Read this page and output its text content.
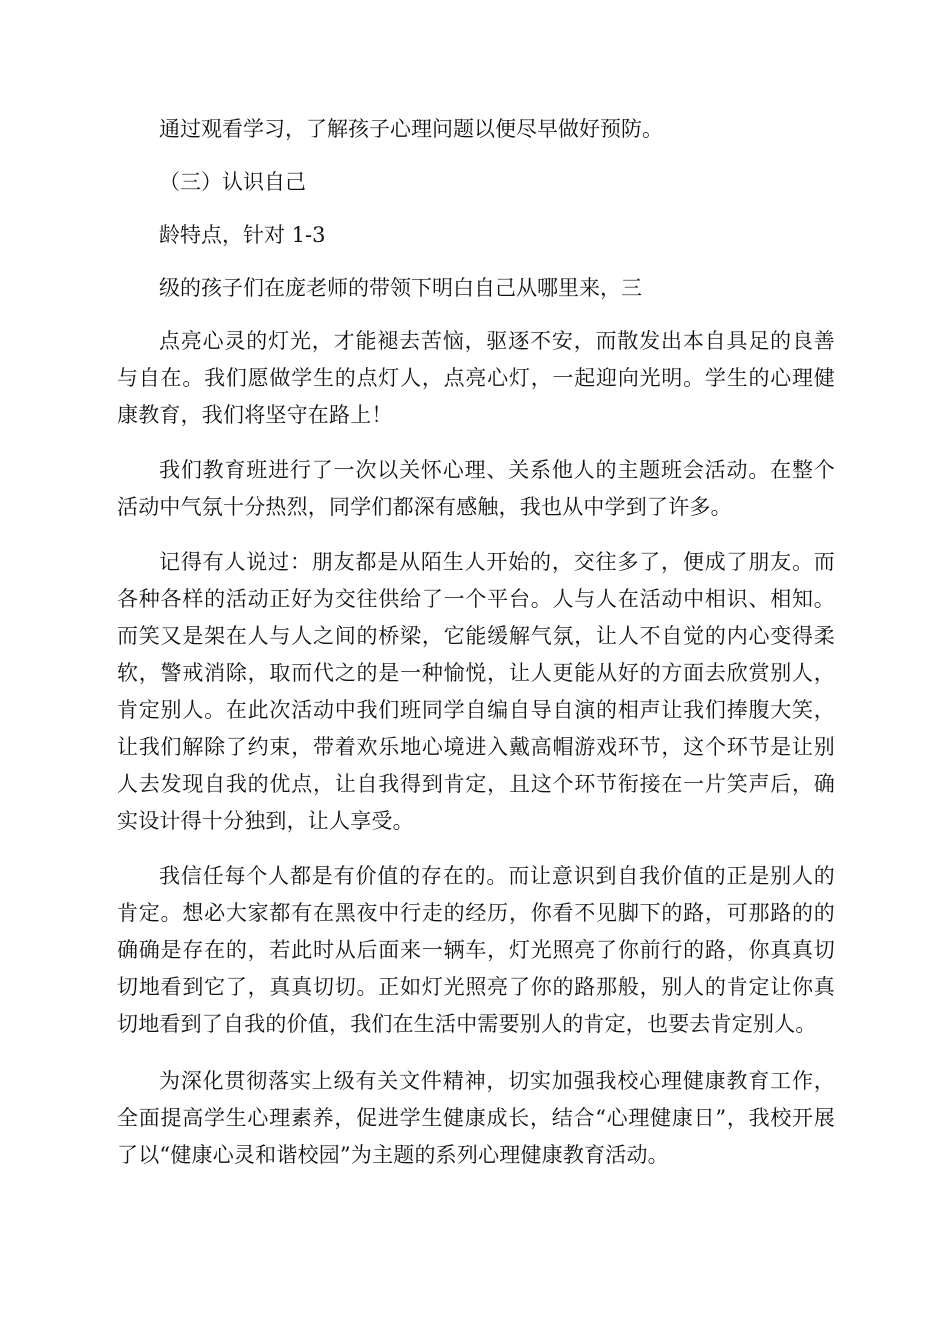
通过观看学习，了解孩子心理问题以便尽早做好预防。

（三）认识自己

龄特点，针对 1-3

级的孩子们在庞老师的带领下明白自己从哪里来，三

点亮心灵的灯光，才能褪去苦恼，驱逐不安，而散发出本自具足的良善与自在。我们愿做学生的点灯人，点亮心灯，一起迎向光明。学生的心理健康教育，我们将坚守在路上！

我们教育班进行了一次以关怀心理、关系他人的主题班会活动。在整个活动中气氛十分热烈，同学们都深有感触，我也从中学到了许多。

记得有人说过：朋友都是从陌生人开始的，交往多了，便成了朋友。而各种各样的活动正好为交往供给了一个平台。人与人在活动中相识、相知。而笑又是架在人与人之间的桥梁，它能缓解气氛，让人不自觉的内心变得柔软，警戒消除，取而代之的是一种愉悦，让人更能从好的方面去欣赏别人，肯定别人。在此次活动中我们班同学自编自导自演的相声让我们捧腹大笑，让我们解除了约束，带着欢乐地心境进入戴高帽游戏环节，这个环节是让别人去发现自我的优点，让自我得到肯定，且这个环节衔接在一片笑声后，确实设计得十分独到，让人享受。

我信任每个人都是有价值的存在的。而让意识到自我价值的正是别人的肯定。想必大家都有在黑夜中行走的经历，你看不见脚下的路，可那路的的确确是存在的，若此时从后面来一辆车，灯光照亮了你前行的路，你真真切切地看到它了，真真切切。正如灯光照亮了你的路那般，别人的肯定让你真切地看到了自我的价值，我们在生活中需要别人的肯定，也要去肯定别人。

为深化贯彻落实上级有关文件精神，切实加强我校心理健康教育工作，全面提高学生心理素养，促进学生健康成长，结合“心理健康日”，我校开展了以“健康心灵和谐校园”为主题的系列心理健康教育活动。
